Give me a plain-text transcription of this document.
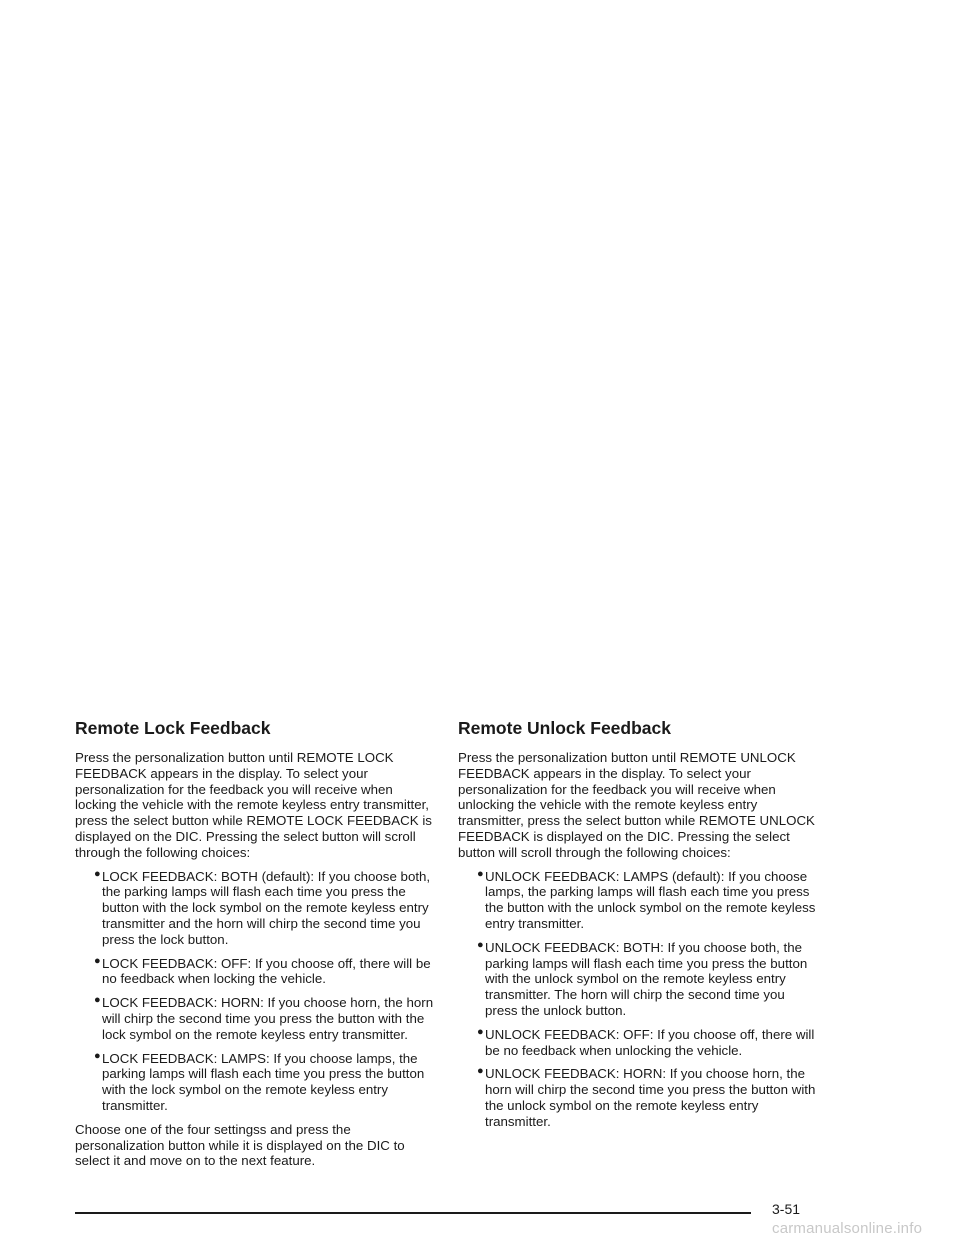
Remote Lock Feedback

Press the personalization button until REMOTE LOCK FEEDBACK appears in the display. To select your personalization for the feedback you will receive when locking the vehicle with the remote keyless entry transmitter, press the select button while REMOTE LOCK FEEDBACK is displayed on the DIC. Pressing the select button will scroll through the following choices:

● LOCK FEEDBACK: BOTH (default): If you choose both, the parking lamps will flash each time you press the button with the lock symbol on the remote keyless entry transmitter and the horn will chirp the second time you press the lock button.
● LOCK FEEDBACK: OFF: If you choose off, there will be no feedback when locking the vehicle.
● LOCK FEEDBACK: HORN: If you choose horn, the horn will chirp the second time you press the button with the lock symbol on the remote keyless entry transmitter.
● LOCK FEEDBACK: LAMPS: If you choose lamps, the parking lamps will flash each time you press the button with the lock symbol on the remote keyless entry transmitter.

Choose one of the four settingss and press the personalization button while it is displayed on the DIC to select it and move on to the next feature.

Remote Unlock Feedback

Press the personalization button until REMOTE UNLOCK FEEDBACK appears in the display. To select your personalization for the feedback you will receive when unlocking the vehicle with the remote keyless entry transmitter, press the select button while REMOTE UNLOCK FEEDBACK is displayed on the DIC. Pressing the select button will scroll through the following choices:

● UNLOCK FEEDBACK: LAMPS (default): If you choose lamps, the parking lamps will flash each time you press the button with the unlock symbol on the remote keyless entry transmitter.
● UNLOCK FEEDBACK: BOTH: If you choose both, the parking lamps will flash each time you press the button with the unlock symbol on the remote keyless entry transmitter. The horn will chirp the second time you press the unlock button.
● UNLOCK FEEDBACK: OFF: If you choose off, there will be no feedback when unlocking the vehicle.
● UNLOCK FEEDBACK: HORN: If you choose horn, the horn will chirp the second time you press the button with the unlock symbol on the remote keyless entry transmitter.
3-51
carmanualsonline.info
